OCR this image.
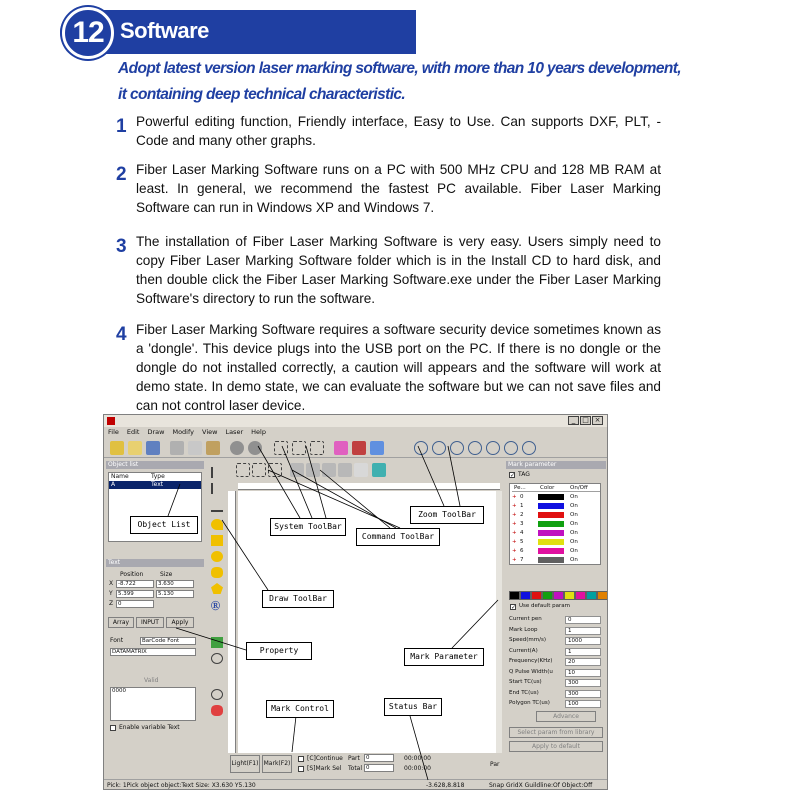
12 Software
Adopt latest version laser marking software, with more than 10 years development,
it containing deep technical characteristic.
1 Powerful editing function, Friendly interface, Easy to Use. Can supports DXF, PLT, -Code and many other graphs.
2 Fiber Laser Marking Software runs on a PC with 500 MHz CPU and 128 MB RAM at least. In general, we recommend the fastest PC available. Fiber Laser Marking Software can run in Windows XP and Windows 7.
3 The installation of Fiber Laser Marking Software is very easy. Users simply need to copy Fiber Laser Marking Software folder which is in the Install CD to hard disk, and then double click the Fiber Laser Marking Software.exe under the Fiber Laser Marking Software's directory to run the software.
4 Fiber Laser Marking Software requires a software security device sometimes known as a 'dongle'. This device plugs into the USB port on the PC. If there is no dongle or the dongle do not installed correctly, a caution will appears and the software will work at demo state. In demo state, we can evaluate the software but we can not save files and can not control laser device.
_ □ ×
File Edit Draw Modify View Laser Help
Object list
Name	Type
A	Text
Text
Position	Size
X -8.722	3.630
Y 5.399	5.130
Z 0
Array	INPUT	Apply
Font	BarCode Font
DATAMATRIX
Valid
0000
Enable variable Text
Ⓡ
Mark parameter
✓ TAG
Pe...	Color	On/Off
+ 0	On
+ 1	On
+ 2	On
+ 3	On
+ 4	On
+ 5	On
+ 6	On
+ 7	On
✓ Use default param
Current pen	0
Mark Loop	1
Speed(mm/s)	1000
Current(A)	1
Frequency(KHz)	20
Q Pulse Width(u	10
Start TC(us)	300
End TC(us)	300
Polygon TC(us)	100
Advance
Select param from library
Apply to default
Light(F1) Mark(F2)
[C]Continue Part	0
[S]Mark Sel Total 0
00:00:00
00:00:00
Par
Pick: 1Pick object object:Text Size: X3.630 Y5.130	-3.628,8.818	Snap GridX Guildline:Of Object:Off
Object List	System ToolBar
Zoom ToolBar
Command ToolBar
Draw ToolBar
Property
Mark Parameter
Mark Control	Status Bar
